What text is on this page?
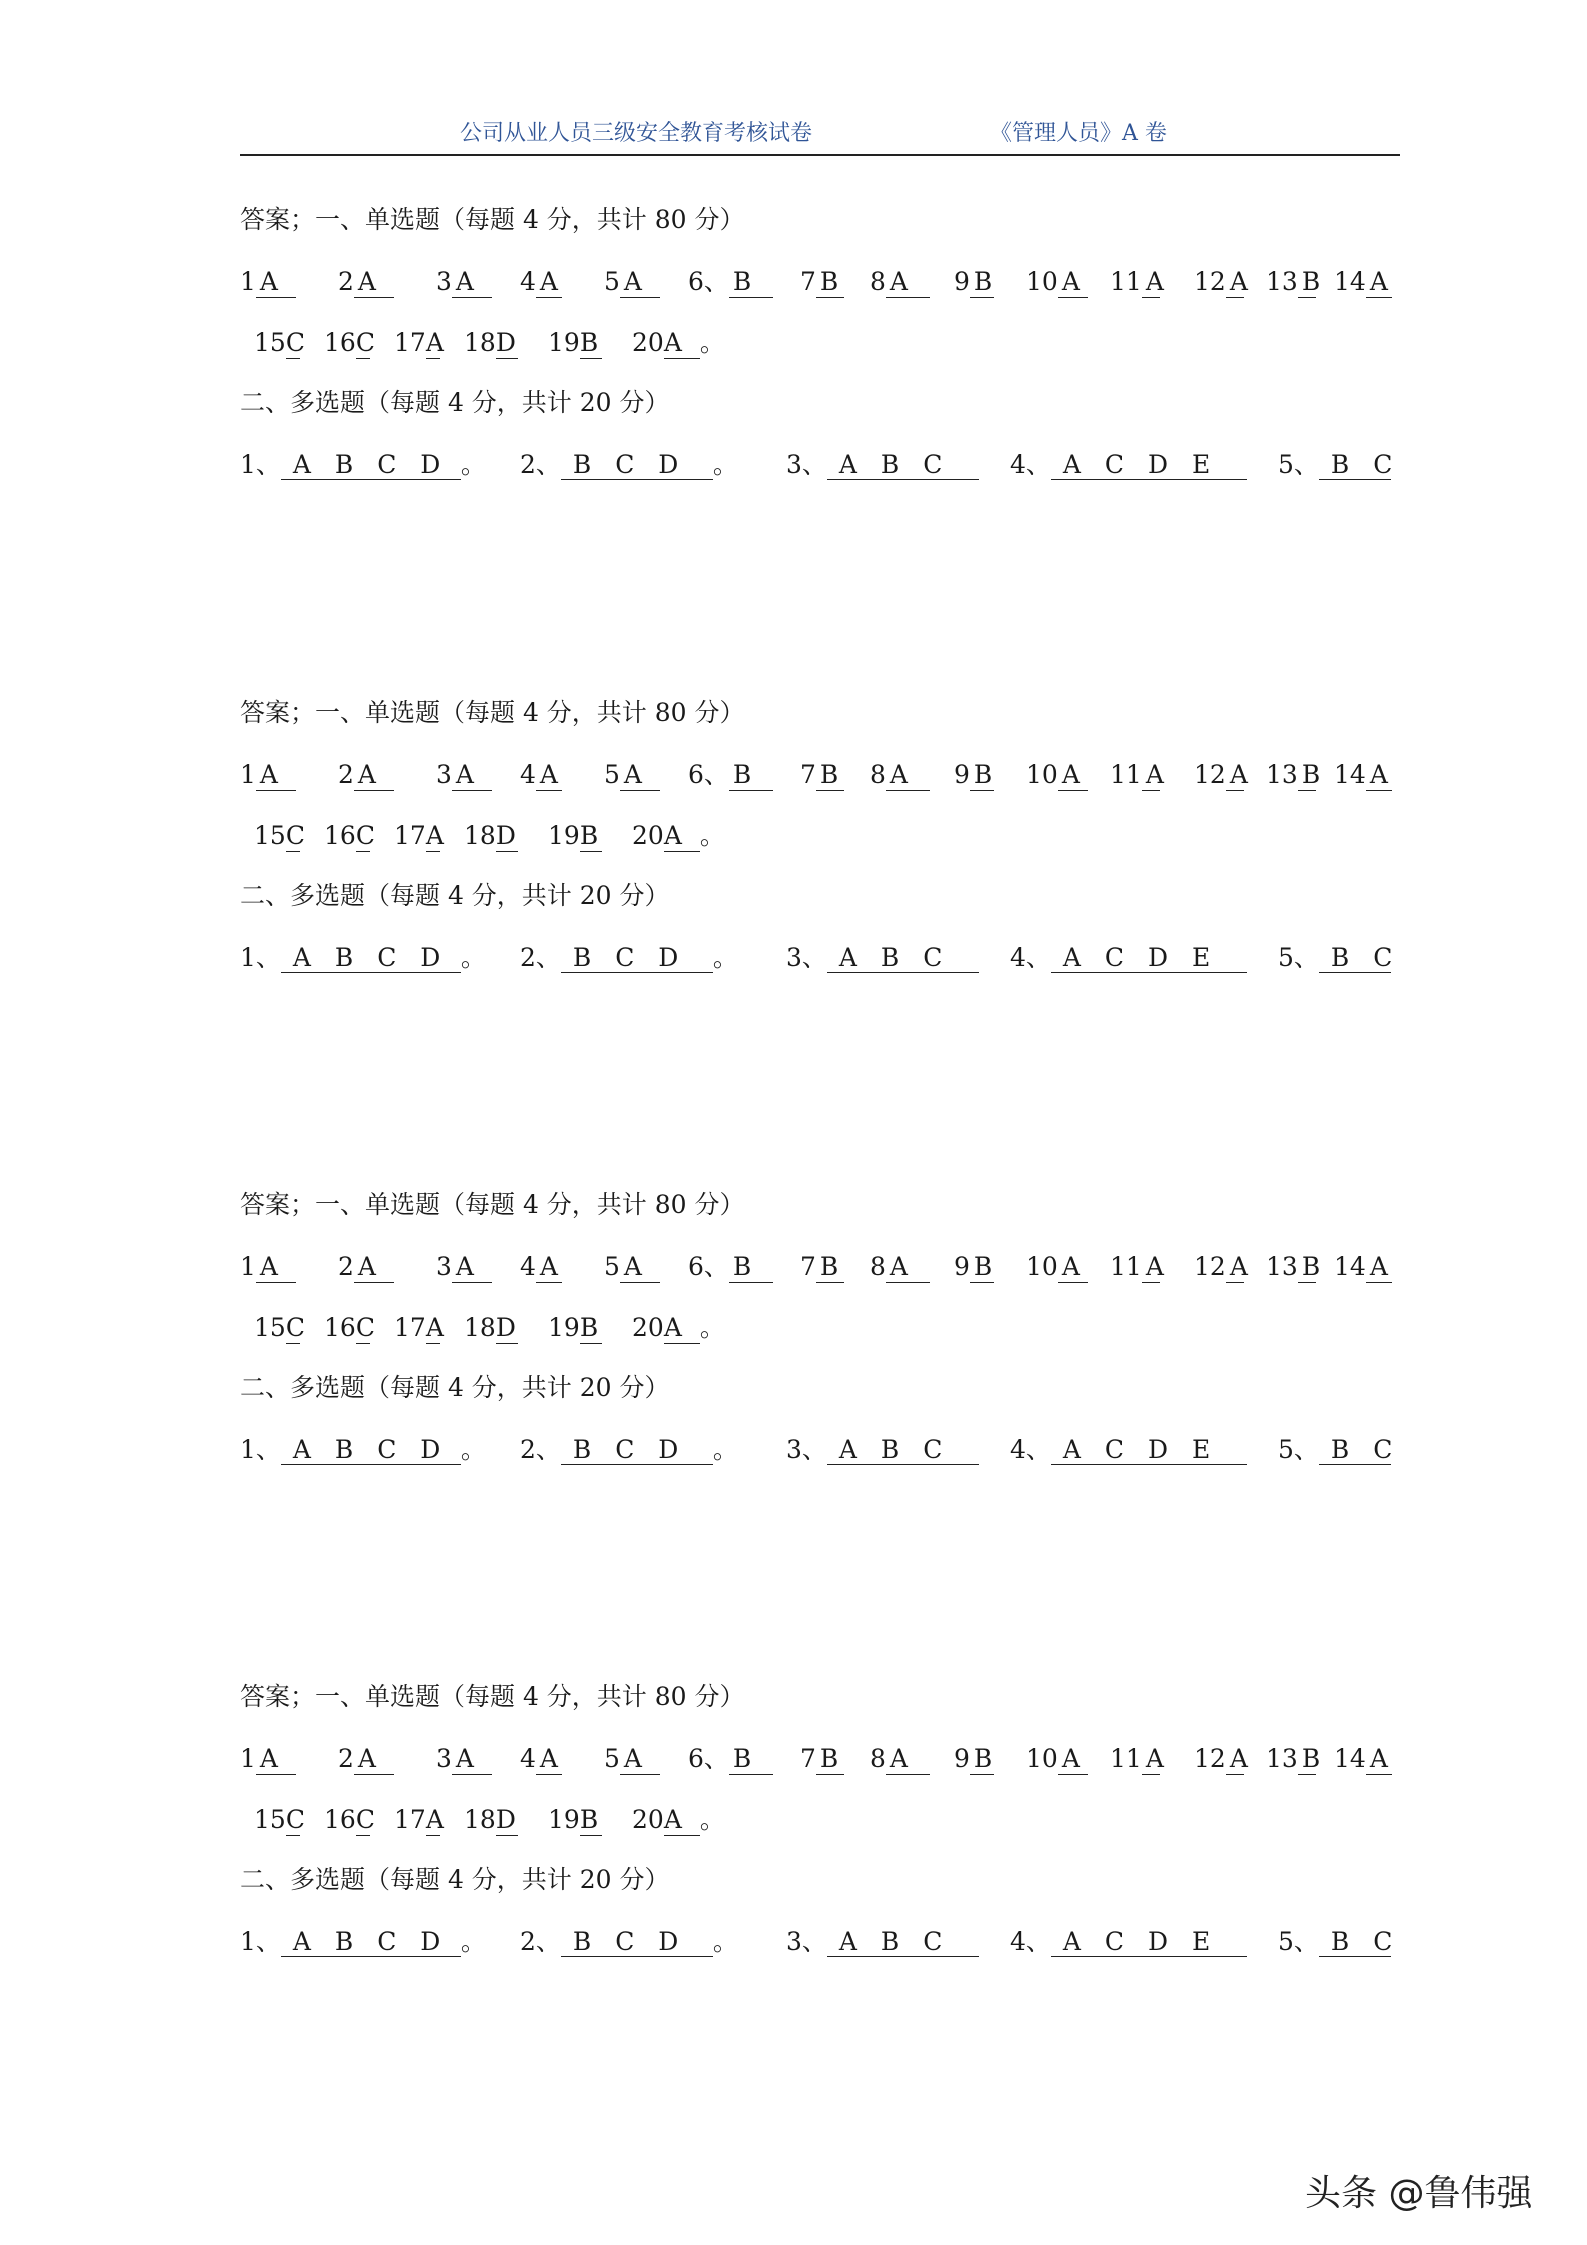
公司从业人员三级安全教育考核试卷	《管理人员》A 卷
答案；一、单选题（每题 4 分，共计 80 分）
1 A	2 A	3 A	4 A 5 A	6、 B	7 B 8 A	9 B 10 A	11 A 12 A 13 B 14 A
15C 16C 17A 18D 19B 20A 。
二、多选题（每题 4 分，共计 20 分）
1、 A B C D 。 2、 B C D 。 3、 A B C	4、 A C D E	5、 B C
答案；一、单选题（每题 4 分，共计 80 分）
1 A	2 A	3 A	4 A 5 A	6、 B	7 B 8 A	9 B 10 A	11 A 12 A 13 B 14 A
15C 16C 17A 18D 19B 20A 。
二、多选题（每题 4 分，共计 20 分）
1、 A B C D 。 2、 B C D 。 3、 A B C	4、 A C D E	5、 B C
答案；一、单选题（每题 4 分，共计 80 分）
1 A	2 A	3 A	4 A 5 A	6、 B	7 B 8 A	9 B 10 A	11 A 12 A 13 B 14 A
15C 16C 17A 18D 19B 20A 。
二、多选题（每题 4 分，共计 20 分）
1、 A B C D 。 2、 B C D 。 3、 A B C	4、 A C D E	5、 B C
答案；一、单选题（每题 4 分，共计 80 分）
1 A	2 A	3 A	4 A 5 A	6、 B	7 B 8 A	9 B 10 A	11 A 12 A 13 B 14 A
15C 16C 17A 18D 19B 20A 。
二、多选题（每题 4 分，共计 20 分）
1、 A B C D 。 2、 B C D 。 3、 A B C	4、 A C D E	5、 B C
头条 @鲁伟强
